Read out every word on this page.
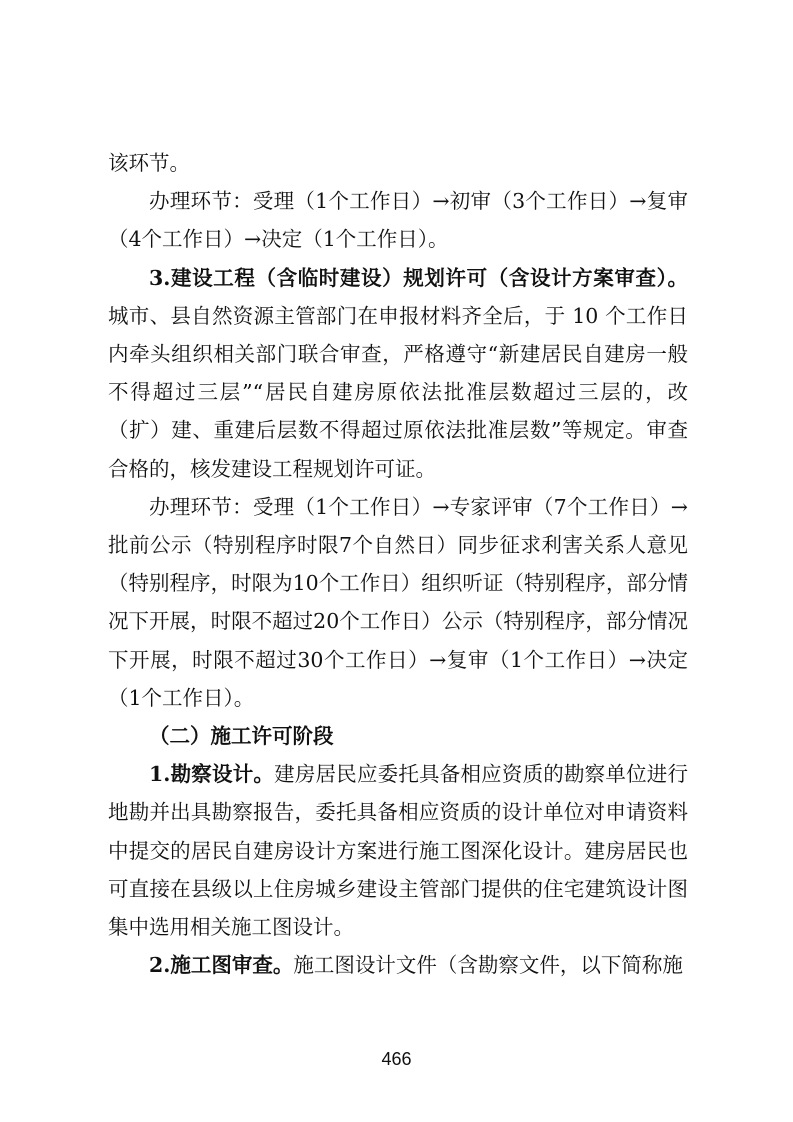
该环节。

办理环节：受理（1个工作日）→初审（3个工作日）→复审（4个工作日）→决定（1个工作日）。

3.建设工程（含临时建设）规划许可（含设计方案审查）。城市、县自然资源主管部门在申报材料齐全后，于 10 个工作日内牵头组织相关部门联合审查，严格遵守“新建居民自建房一般不得超过三层”“居民自建房原依法批准层数超过三层的，改（扩）建、重建后层数不得超过原依法批准层数”等规定。审查合格的，核发建设工程规划许可证。

办理环节：受理（1个工作日）→专家评审（7个工作日）→批前公示（特别程序时限7个自然日）同步征求利害关系人意见（特别程序，时限为10个工作日）组织听证（特别程序，部分情况下开展，时限不超过20个工作日）公示（特别程序，部分情况下开展，时限不超过30个工作日）→复审（1个工作日）→决定（1个工作日）。

（二）施工许可阶段

1.勘察设计。建房居民应委托具备相应资质的勘察单位进行地勘并出具勘察报告，委托具备相应资质的设计单位对申请资料中提交的居民自建房设计方案进行施工图深化设计。建房居民也可直接在县级以上住房城乡建设主管部门提供的住宅建筑设计图集中选用相关施工图设计。

2.施工图审查。施工图设计文件（含勘察文件，以下简称施

466
